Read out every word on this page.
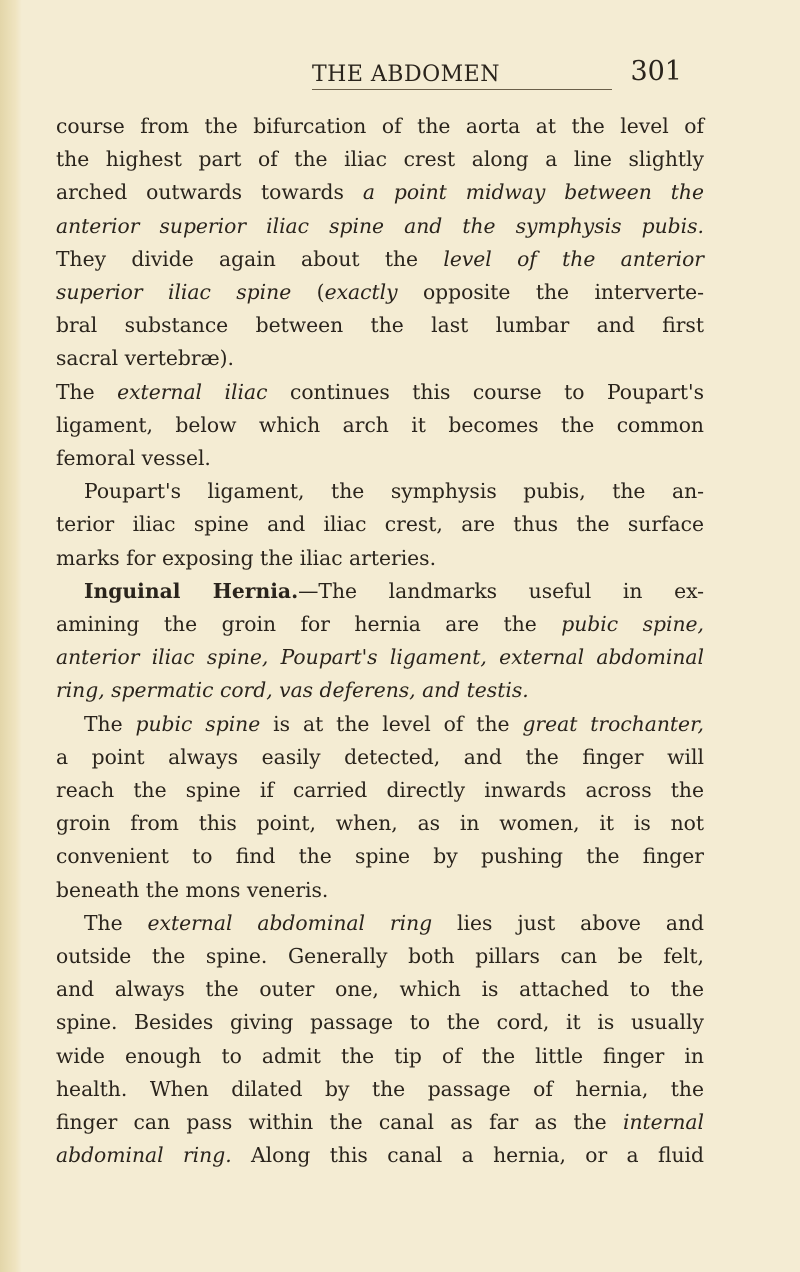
THE ABDOMEN	301
course from the bifurcation of the aorta at the level of
the highest part of the iliac crest along a line slightly
arched outwards towards a point midway between the
anterior superior iliac spine and the symphysis pubis.
They divide again about the level of the anterior
superior iliac spine (exactly opposite the interverte-
bral substance between the last lumbar and first
sacral vertebræ).
The external iliac continues this course to Poupart's
ligament, below which arch it becomes the common
femoral vessel.
Poupart's ligament, the symphysis pubis, the an-
terior iliac spine and iliac crest, are thus the surface
marks for exposing the iliac arteries.
Inguinal Hernia.—The landmarks useful in ex-
amining the groin for hernia are the pubic spine,
anterior iliac spine, Poupart's ligament, external abdominal
ring, spermatic cord, vas deferens, and testis.
The pubic spine is at the level of the great trochanter,
a point always easily detected, and the finger will
reach the spine if carried directly inwards across the
groin from this point, when, as in women, it is not
convenient to find the spine by pushing the finger
beneath the mons veneris.
The external abdominal ring lies just above and
outside the spine. Generally both pillars can be felt,
and always the outer one, which is attached to the
spine. Besides giving passage to the cord, it is usually
wide enough to admit the tip of the little finger in
health. When dilated by the passage of hernia, the
finger can pass within the canal as far as the internal
abdominal ring. Along this canal a hernia, or a fluid
